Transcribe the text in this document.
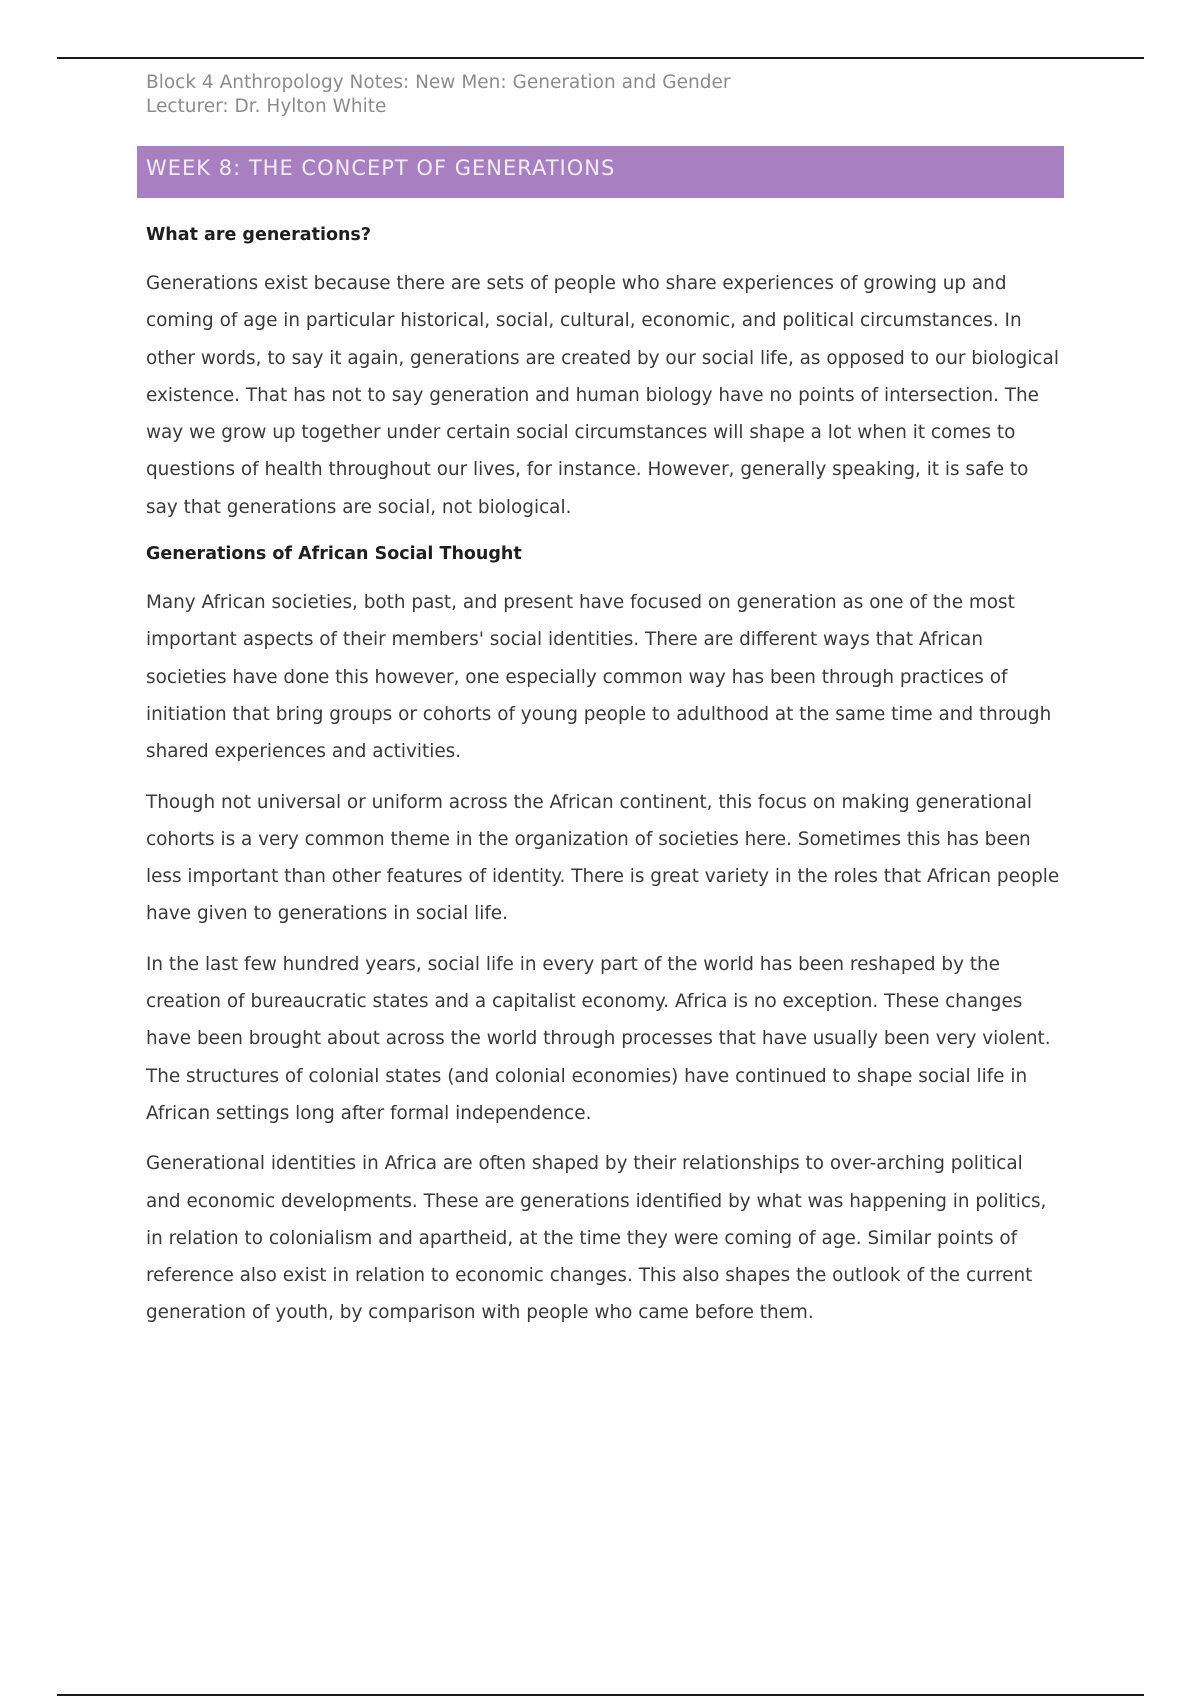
Block 4 Anthropology Notes: New Men: Generation and Gender
Lecturer: Dr. Hylton White
WEEK 8: THE CONCEPT OF GENERATIONS
What are generations?

Generations exist because there are sets of people who share experiences of growing up and coming of age in particular historical, social, cultural, economic, and political circumstances. In other words, to say it again, generations are created by our social life, as opposed to our biological existence. That has not to say generation and human biology have no points of intersection. The way we grow up together under certain social circumstances will shape a lot when it comes to questions of health throughout our lives, for instance. However, generally speaking, it is safe to say that generations are social, not biological.

Generations of African Social Thought

Many African societies, both past, and present have focused on generation as one of the most important aspects of their members' social identities. There are different ways that African societies have done this however, one especially common way has been through practices of initiation that bring groups or cohorts of young people to adulthood at the same time and through shared experiences and activities.

Though not universal or uniform across the African continent, this focus on making generational cohorts is a very common theme in the organization of societies here. Sometimes this has been less important than other features of identity. There is great variety in the roles that African people have given to generations in social life.

In the last few hundred years, social life in every part of the world has been reshaped by the creation of bureaucratic states and a capitalist economy. Africa is no exception. These changes have been brought about across the world through processes that have usually been very violent. The structures of colonial states (and colonial economies) have continued to shape social life in African settings long after formal independence.

Generational identities in Africa are often shaped by their relationships to over-arching political and economic developments. These are generations identified by what was happening in politics, in relation to colonialism and apartheid, at the time they were coming of age. Similar points of reference also exist in relation to economic changes. This also shapes the outlook of the current generation of youth, by comparison with people who came before them.
